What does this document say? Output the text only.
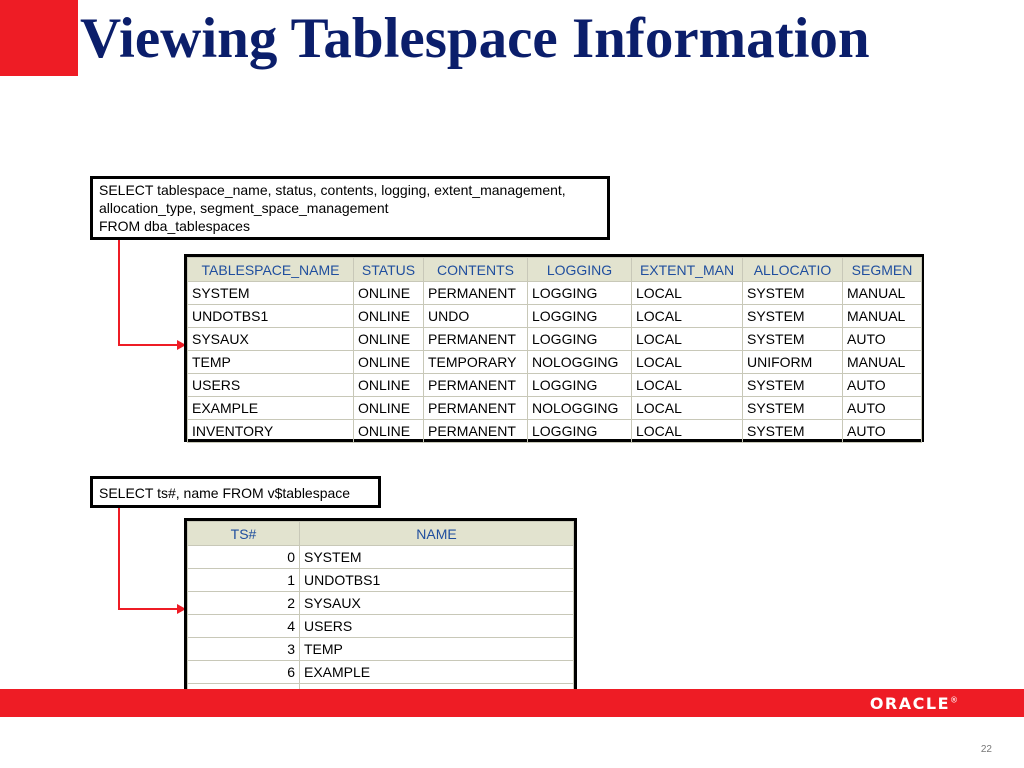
Viewing Tablespace Information
SELECT tablespace_name, status, contents, logging, extent_management,
allocation_type, segment_space_management
FROM dba_tablespaces
TABLESPACE_NAME	STATUS	CONTENTS	LOGGING	EXTENT_MAN	ALLOCATIO	SEGMEN
SYSTEM	ONLINE	PERMANENT	LOGGING	LOCAL	SYSTEM	MANUAL
UNDOTBS1	ONLINE	UNDO	LOGGING	LOCAL	SYSTEM	MANUAL
SYSAUX	ONLINE	PERMANENT	LOGGING	LOCAL	SYSTEM	AUTO
TEMP	ONLINE	TEMPORARY	NOLOGGING	LOCAL	UNIFORM	MANUAL
USERS	ONLINE	PERMANENT	LOGGING	LOCAL	SYSTEM	AUTO
EXAMPLE	ONLINE	PERMANENT	NOLOGGING	LOCAL	SYSTEM	AUTO
INVENTORY	ONLINE	PERMANENT	LOGGING	LOCAL	SYSTEM	AUTO
SELECT ts#, name FROM v$tablespace
TS#	NAME
0	SYSTEM
1	UNDOTBS1
2	SYSAUX
4	USERS
3	TEMP
6	EXAMPLE

ORACLE®
22
